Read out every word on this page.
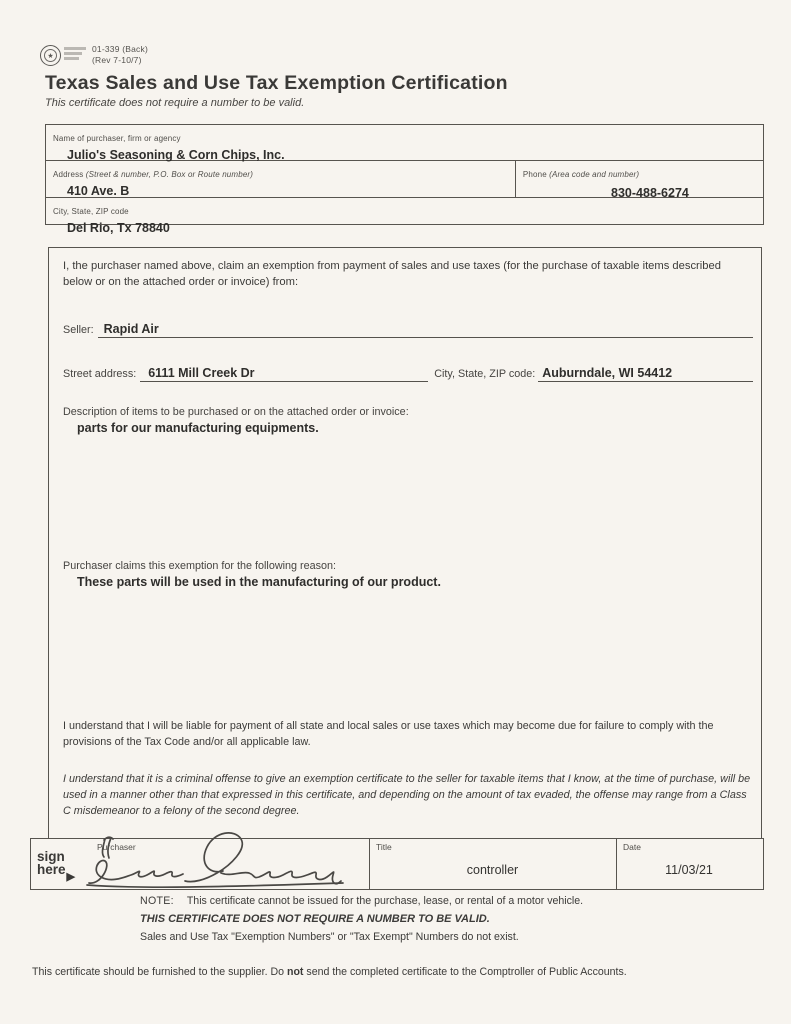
★
01-339 (Back)
(Rev 7-10/7)
Texas Sales and Use Tax Exemption Certification
This certificate does not require a number to be valid.
Name of purchaser, firm or agency
Julio's Seasoning & Corn Chips, Inc.
Address (Street & number, P.O. Box or Route number)
410 Ave. B
Phone (Area code and number)
830-488-6274
City, State, ZIP code
Del Rio, Tx 78840
I, the purchaser named above, claim an exemption from payment of sales and use taxes (for the purchase of taxable items described below or on the attached order or invoice) from:
Seller: Rapid Air
Street address: 6111 Mill Creek Dr	City, State, ZIP code: Auburndale, WI 54412
Description of items to be purchased or on the attached order or invoice:
parts for our manufacturing equipments.
Purchaser claims this exemption for the following reason:
These parts will be used in the manufacturing of our product.
I understand that I will be liable for payment of all state and local sales or use taxes which may become due for failure to comply with the provisions of the Tax Code and/or all applicable law.
I understand that it is a criminal offense to give an exemption certificate to the seller for taxable items that I know, at the time of purchase, will be used in a manner other than that expressed in this certificate, and depending on the amount of tax evaded, the offense may range from a Class C misdemeanor to a felony of the second degree.
sign
here$_▶$
Purchaser	Title
controller
Date
11/03/21
NOTE: This certificate cannot be issued for the purchase, lease, or rental of a motor vehicle.
THIS CERTIFICATE DOES NOT REQUIRE A NUMBER TO BE VALID.
Sales and Use Tax "Exemption Numbers" or "Tax Exempt" Numbers do not exist.
This certificate should be furnished to the supplier. Do not send the completed certificate to the Comptroller of Public Accounts.
